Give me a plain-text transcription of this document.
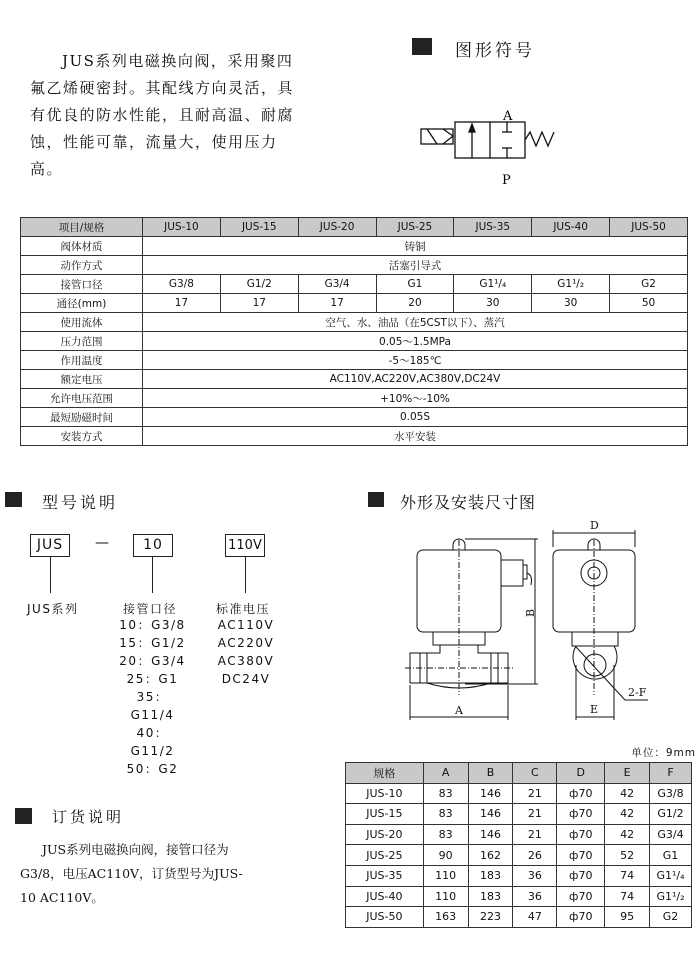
JUS系列电磁换向阀，采用聚四氟乙烯硬密封。其配线方向灵活，具有优良的防水性能，且耐高温、耐腐蚀，性能可靠，流量大，使用压力高。
图形符号
A
P
项目/规格	JUS-10	JUS-15	JUS-20	JUS-25	JUS-35	JUS-40	JUS-50
阀体材质	铸铜						
动作方式	活塞引导式						
接管口径	G3/8	G1/2	G3/4	G1	G1¹/₄	G1¹/₂	G2
通径(mm)	17	17	17	20	30	30	50
使用流体	空气、水、油品（在5CST以下）、蒸汽						
压力范围	0.05～1.5MPa						
作用温度	-5～185℃						
额定电压	AC110V,AC220V,AC380V,DC24V						
允许电压范围	+10%～-10%						
最短励磁时间	0.05S						
安装方式	水平安装						
型号说明
JUS	—	10	110V
JUS系列	接管口径	标准电压
10：G3/8
15：G1/2
20：G3/4
25：G1
35：G11/4
40：G11/2
50：G2
AC110V
AC220V
AC380V
DC24V
外形及安装尺寸图
A
B
D
E
2-F
单位：9mm
规格	A	B	C	D	E	F
JUS-10	83	146	21	ф70	42	G3/8
JUS-15	83	146	21	ф70	42	G1/2
JUS-20	83	146	21	ф70	42	G3/4
JUS-25	90	162	26	ф70	52	G1
JUS-35	110	183	36	ф70	74	G1¹/₄
JUS-40	110	183	36	ф70	74	G1¹/₂
JUS-50	163	223	47	ф70	95	G2
订货说明
JUS系列电磁换向阀，接管口径为G3/8，电压AC110V，订货型号为JUS-10 AC110V。
